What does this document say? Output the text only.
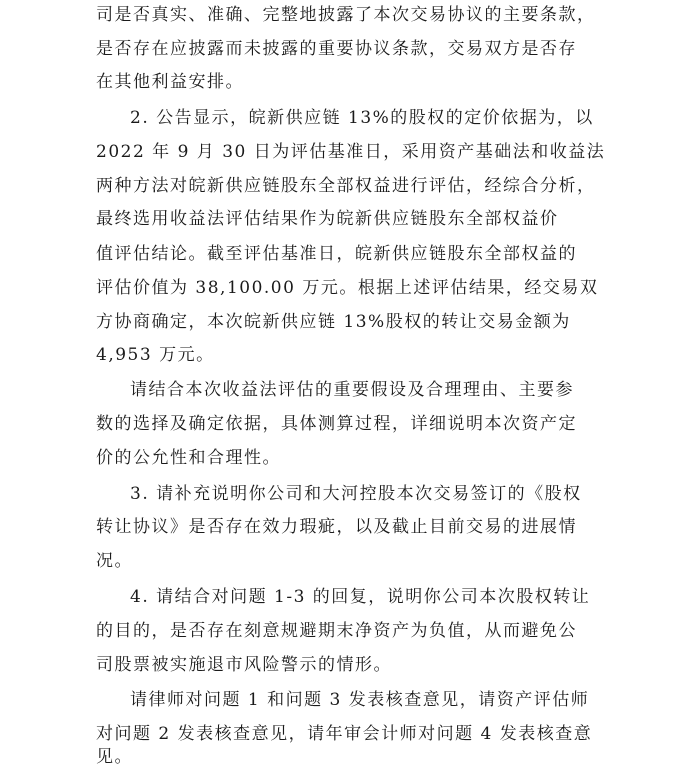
司是否真实、准确、完整地披露了本次交易协议的主要条款，
是否存在应披露而未披露的重要协议条款，交易双方是否存
在其他利益安排。
2. 公告显示，皖新供应链 13%的股权的定价依据为，以
2022 年 9 月 30 日为评估基准日，采用资产基础法和收益法
两种方法对皖新供应链股东全部权益进行评估，经综合分析，
最终选用收益法评估结果作为皖新供应链股东全部权益价
值评估结论。截至评估基准日，皖新供应链股东全部权益的
评估价值为 38,100.00 万元。根据上述评估结果，经交易双
方协商确定，本次皖新供应链 13%股权的转让交易金额为
4,953 万元。
请结合本次收益法评估的重要假设及合理理由、主要参
数的选择及确定依据，具体测算过程，详细说明本次资产定
价的公允性和合理性。
3. 请补充说明你公司和大河控股本次交易签订的《股权
转让协议》是否存在效力瑕疵，以及截止目前交易的进展情
况。
4. 请结合对问题 1-3 的回复，说明你公司本次股权转让
的目的，是否存在刻意规避期末净资产为负值，从而避免公
司股票被实施退市风险警示的情形。
请律师对问题 1 和问题 3 发表核查意见，请资产评估师
对问题 2 发表核查意见，请年审会计师对问题 4 发表核查意
见。
